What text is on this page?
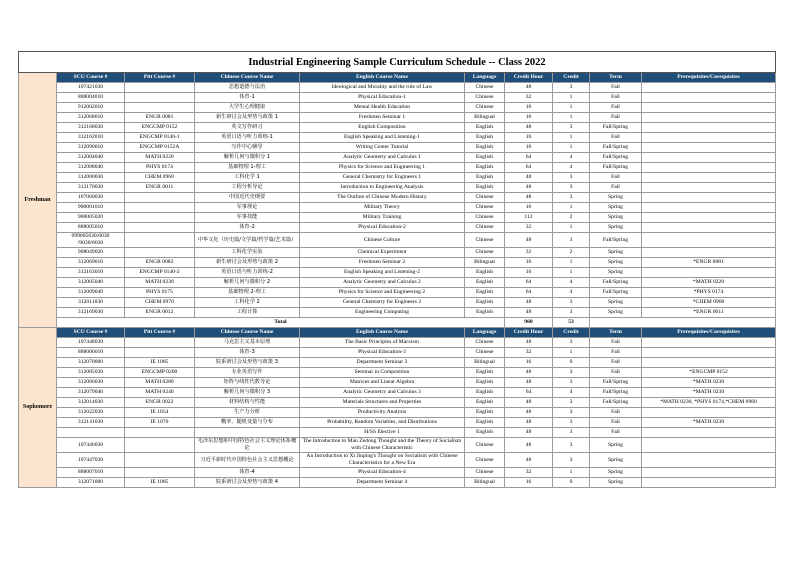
Industrial Engineering Sample Curriculum Schedule -- Class 2022									
Freshman	SCU Course #	Pitt Course #	Chinese Course Name	English Course Name	Language	Credit Hour	Credit	Term	Prerequisites/Corequisites
	107421030		思想道德与法治	Ideological and Morality and the rule of Law	Chinese	48	3	Fall	
	888004010		体育-1	Physical Education-1	Chinese	32	1	Fall	
	912002010		大学生心理健康	Mental Health Education	Chinese	16	1	Fall	
	312068010	ENGR 0081	新生研讨会及形势与政策 1	Freshmen Seminar 1	Bilingual	16	1	Fall	
	312168030	ENGCMP 0152	英文写作研习	English Composition	English	48	3	Fall/Spring	
	312162010	ENGCMP 0140-1	英语口语与听力训练-1	English Speaking and Listening-1	English	16	1	Fall	
	312090010	ENGCMP 0152A	写作中心辅导	Writing Center Tutorial	English	16	1	Fall/Spring	
	312004040	MATH 0220	解析几何与微积分 1	Analytic Geometry and Calculus 1	English	64	4	Fall/Spring	
	312008040	PHYS 0174	基础物理 1-理工	Physics for Science and Engineering 1	English	64	4	Fall/Spring	
	312000030	CHEM 0960	工科化学 1	General Chemistry for Engineers 1	English	48	3	Fall	
	312170030	ENGR 0011	工程分析导论	Introduction to Engineering Analysis	English	48	3	Fall	
	107060030		中国近代史纲要	The Outline of Chinese Modern History	Chinese	48	3	Spring	
	900001010		军事理论	Military Theory	Chinese	16	1	Spring	
	900005020		军事技能	Military Training	Chinese	112	2	Spring	
	888005010		体育-2	Physical Education-2	Chinese	32	1	Spring	
	999005030/6030 /9030/8030		中华文化（历史篇/文学篇/哲学篇/艺术篇）	Chinese Culture	Chinese	48	3	Fall/Spring	
	908049020		工科化学实验	Chemical Experiment	Chinese	32	2	Spring	
	312069010	ENGR 0082	新生研讨会及形势与政策 2	Freshmen Seminar 2	Bilingual	16	1	Spring	*ENGR 0081
	312163010	ENGCMP 0140-2	英语口语与听力训练-2	English Speaking and Listening-2	English	16	1	Spring	
	312005040	MATH 0230	解析几何与微积分 2	Analytic Geometry and Calculus 2	English	64	4	Fall/Spring	*MATH 0220
	312009040	PHYS 0175	基础物理 2-理工	Physics for Science and Engineering 2	English	64	4	Fall/Spring	*PHYS 0174
	312011030	CHEM 0970	工科化学 2	General Chemistry for Engineers 2	English	48	3	Spring	*CHEM 0960
	312169030	ENGR 0012	工程计算	Engineering Computing	English	48	3	Spring	*ENGR 0011
	Total					960	53		
Sophomore	SCU Course #	Pitt Course #	Chinese Course Name	English Course Name	Language	Credit Hour	Credit	Term	Prerequisites/Corequisites
	107448030		马克思主义基本原理	The Basic Principles of Marxism	Chinese	48	3	Fall	
	888006010		体育-3	Physical Education-3	Chinese	32	1	Fall	
	312070000	IE 1085	院系研讨会及形势与政策 3	Department Seminar 3	Bilingual	16	0	Fall	
	312085030	ENGCMP 0200	专业英语写作	Seminar in Composition	English	48	3	Fall	*ENGCMP 0152
	312006030	MATH 0280	矩阵与线性代数导论	Matrices and Linear Algebra	English	48	3	Fall/Spring	*MATH 0230
	312079040	MATH 0240	解析几何与微积分 3	Analytic Geometry and Calculus 3	English	64	4	Fall/Spring	*MATH 0230
	312014030	ENGR 0022	材料结构与性能	Materials Structures and Properties	English	48	3	Fall/Spring	*MATH 0230, *PHYS 0174,*CHEM 0960
	312022030	IE 1054	生产力分析	Productivity Analysis	English	48	3	Fall	
	312141030	IE 1070	概率、随机变量与分布	Probability, Random Variables, and Distributions	English	48	3	Fall	*MATH 0230
				H/SS Elective 1	English	48	3	Fall	
	107446030		毛泽东思想和中国特色社会主义理论体系概论	The Introduction to Mao Zedong Thought and the Theory of Socialism with Chinese Characteristic	Chinese	48	3	Spring	
	107447030		习近平新时代中国特色社会主义思想概论	An Introduction to Xi Jinping's Thought on Socialism with Chinese Characteristics for a New Era	Chinese	48	3	Spring	
	888007010		体育-4	Physical Education-4	Chinese	32	1	Spring	
	312071000	IE 1085	院系研讨会及形势与政策 4	Department Seminar 4	Bilingual	16	0	Spring	
